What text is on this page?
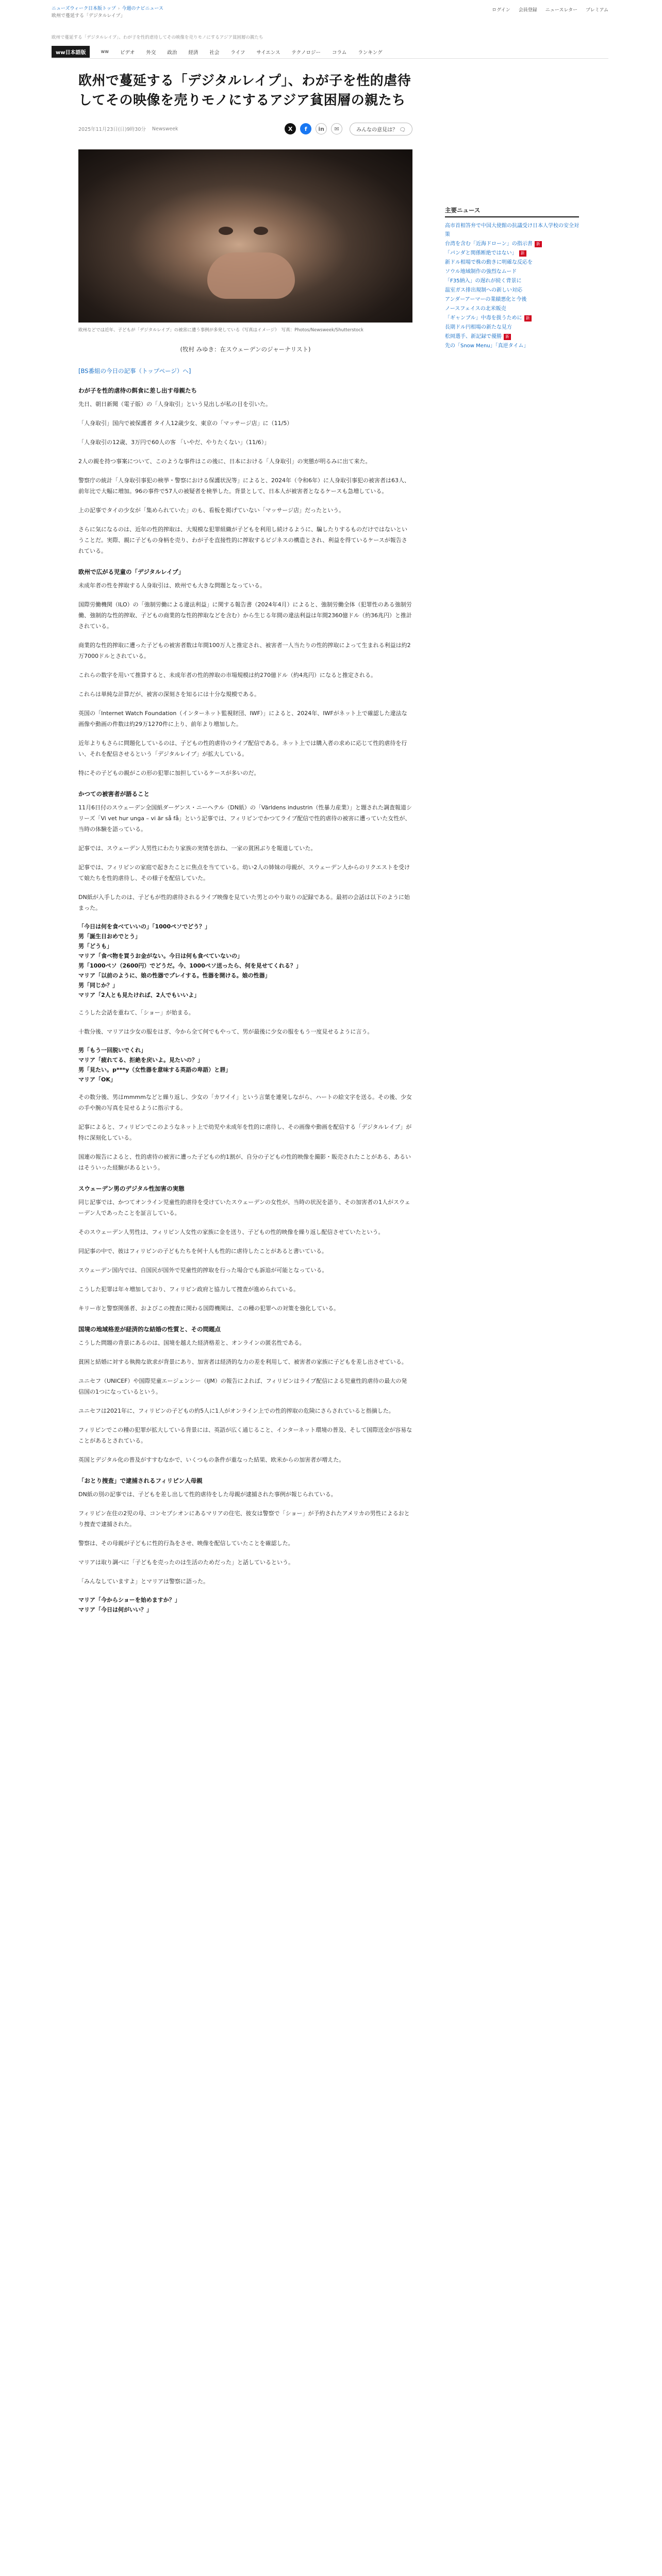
ニューズウィーク日本版トップ › 今週のナビニュース
欧州で蔓延する「デジタルレイプ」
ログイン 会員登録 ニュースレター プレミアム
欧州で蔓延する「デジタルレイプ」、わが子を性的虐待してその映像を売りモノにするアジア貧困層の親たち
ww日本語版	ww	ビデオ	外交	政治	経済	社会	ライフ	サイエンス	テクノロジー	コラム	ランキング
欧州で蔓延する「デジタルレイプ」、わが子を性的虐待してその映像を売りモノにするアジア貧困層の親たち
2025年11月23日(日)9時30分 Newsweek	X	f	in	✉	みんなの意見は？ 🗨
欧州などでは近年、子どもが「デジタルレイプ」の被害に遭う事例が多発している（写真はイメージ）　写真：Photos/Newsweek/Shutterstock
(牧村 みゆき：在スウェーデンのジャーナリスト)
[BS番組の今日の記事（トップページ）へ]
わが子を性的虐待の餌食に差し出す母親たち

先日、朝日新聞（電子版）の「人身取引」という見出しが私の目を引いた。

「人身取引」国内で被保護者 タイ人12歳少女、東京の「マッサージ店」に（11/5）

「人身取引の12歳、3万円で60人の客 「いやだ、やりたくない」（11/6）」

2人の親を持つ事案について、このような事件はこの後に、日本における「人身取引」の実態が明るみに出て来た。

警察庁の統計「人身取引事犯の検挙・警察における保護状況等」によると、2024年（令和6年）に人身取引事犯の被害者は63人、前年比で大幅に増加。96の事件で57人の被疑者を検挙した。背景として、日本人が被害者となるケースも急増している。

上の記事でタイの少女が「集められていた」のも、看板を掲げていない「マッサージ店」だったという。

さらに気になるのは、近年の性的搾取は、大規模な犯罪組織が子どもを利用し続けるように、騙したりするものだけではないということだ。実際、親に子どもの身柄を売り、わが子を直接性的に搾取するビジネスの構造とされ、利益を得ているケースが報告されている。

欧州で広がる児童の「デジタルレイプ」

未成年者の性を搾取する人身取引は、欧州でも大きな問題となっている。

国際労働機関（ILO）の「強制労働による違法利益」に関する報告書（2024年4月）によると、強制労働全体（犯罪性のある強制労働、強制的な性的搾取、子どもの商業的な性的搾取などを含む）から生じる年間の違法利益は年間2360億ドル（約36兆円）と推計されている。

商業的な性的搾取に遭った子どもの被害者数は年間100万人と推定され、被害者一人当たりの性的搾取によって生まれる利益は約2万7000ドルとされている。

これらの数字を用いて推算すると、未成年者の性的搾取の市場規模は約270億ドル（約4兆円）になると推定される。

これらは単純な計算だが、被害の深刻さを知るには十分な規模である。

英国の「Internet Watch Foundation（インターネット監視財団、IWF）」によると、2024年、IWFがネット上で確認した違法な画像や動画の件数は約29万1270件に上り、前年より増加した。

近年よりもさらに問題化しているのは、子どもの性的虐待のライブ配信である。ネット上では購入者の求めに応じて性的虐待を行い、それを配信させるという「デジタルレイプ」が拡大している。

特にその子どもの親がこの形の犯罪に加担しているケースが多いのだ。

かつての被害者が語ること

11月6日付のスウェーデン全国紙ダーゲンス・ニーヘテル（DN紙）の「Världens industrin（性暴力産業）」と題された調査報道シリーズ「Vi vet hur unga – vi är så få」という記事では、フィリピンでかつてライブ配信で性的虐待の被害に遭っていた女性が、当時の体験を語っている。

記事では、スウェーデン人男性にわたり家族の実情を訪ね、一家の貧困ぶりを報道していた。

記事では、フィリピンの家庭で起きたことに焦点を当てている。幼い2人の姉妹の母親が、スウェーデン人からのリクエストを受けて娘たちを性的虐待し、その様子を配信していた。

DN紙が入手したのは、子どもが性的虐待されるライブ映像を見ていた男とのやり取りの記録である。最初の会話は以下のように始まった。

「今日は何を食べていいの」「1000ペソでどう？」

男「誕生日おめでとう」

男「どうも」

マリア「食べ物を買うお金がない。今日は何も食べていないの」

男「1000ペソ（2600円）でどうだ。今、1000ペソ送ったら、何を見せてくれる？」

マリア「以前のように、娘の性器でプレイする。性器を開ける。娘の性器」

男「同じか？」

マリア「2人とも見たければ、2人でもいいよ」

こうした会話を重ねて、「ショー」が始まる。

十数分後、マリアは少女の服をはぎ、今から全て何でもやって、男が最後に少女の服をもう一度見せるように言う。

男「もう一回脱いでくれ」

マリア「疲れてる、拒絶を戻いよ。見たいの？」

男「見たい。p***y（女性器を意味する英語の卑語）と唇」

マリア「OK」

その数分後、男はmmmmなどと繰り返し、少女の「カワイイ」という言葉を連発しながら、ハートの絵文字を送る。その後、少女の手や腕の写真を見せるように指示する。

記事によると、フィリピンでこのようなネット上で幼児や未成年を性的に虐待し、その画像や動画を配信する「デジタルレイプ」が特に深刻化している。

国連の報告によると、性的虐待の被害に遭った子どもの約1割が、自分の子どもの性的映像を撮影・販売されたことがある、あるいはそういった経験があるという。

スウェーデン男のデジタル性加害の実態

同じ記事では、かつてオンライン児童性的虐待を受けていたスウェーデンの女性が、当時の状況を語り、その加害者の1人がスウェーデン人であったことを証言している。

そのスウェーデン人男性は、フィリピン人女性の家族に金を送り、子どもの性的映像を繰り返し配信させていたという。

同記事の中で、彼はフィリピンの子どもたちを何十人も性的に虐待したことがあると書いている。

スウェーデン国内では、自国民が国外で児童性的搾取を行った場合でも訴追が可能となっている。

こうした犯罪は年々増加しており、フィリピン政府と協力して捜査が進められている。

キリー市と警察関係者、およびこの捜査に関わる国際機関は、この種の犯罪への対策を強化している。

国境の地域格差が経済的な結婚の性質と、その問題点

こうした問題の背景にあるのは、国境を越えた経済格差と、オンラインの匿名性である。

貧困と結婚に対する執拗な欲求が背景にあり、加害者は経済的な力の差を利用して、被害者の家族に子どもを差し出させている。

ユニセフ（UNICEF）や国際児童エージェンシー（IJM）の報告によれば、フィリピンはライブ配信による児童性的虐待の最大の発信国の1つになっているという。

ユニセフは2021年に、フィリピンの子どもの約5人に1人がオンライン上での性的搾取の危険にさらされていると指摘した。

フィリピンでこの種の犯罪が拡大している背景には、英語が広く通じること、インターネット環境の普及、そして国際送金が容易なことがあるとされている。

英国とデジタル化の普及がすすむなかで、いくつもの条件が重なった結果、欧米からの加害者が増えた。

「おとり捜査」で逮捕されるフィリピン人母親

DN紙の別の記事では、子どもを差し出して性的虐待をした母親が逮捕された事例が報じられている。

フィリピン在住の2児の母、コンセプシオンにあるマリアの住宅、彼女は警察で「ショー」が予約されたアメリカの男性によるおとり捜査で逮捕された。

警察は、その母親が子どもに性的行為をさせ、映像を配信していたことを確認した。

マリアは取り調べに「子どもを売ったのは生活のためだった」と話しているという。

「みんなしていますよ」とマリアは警察に語った。

マリア「今からショーを始めますか？」

マリア「今日は何がいい？」

主要ニュース
高市首相答弁で中国大使館の抗議受け日本人学校の安全対策
台湾を含む「近海ドローン」の指示書 新
「パンダと関係断絶ではない」 新
新ドル相場で株の動きに明確な反応を
ソウル地域制作の強烈なムード
「F35納入」の遅れが続く背景に
温室ガス排出規制への新しい対応
アンダーアーマーの業績悪化と今後
ノースフェイスの北米販売
「ギャンブル」中毒を扱うために 新
長期ドル円相場の新たな見方
松岡選手、新記録で優勝 新
先の「Snow Menu」「真逆タイム」
